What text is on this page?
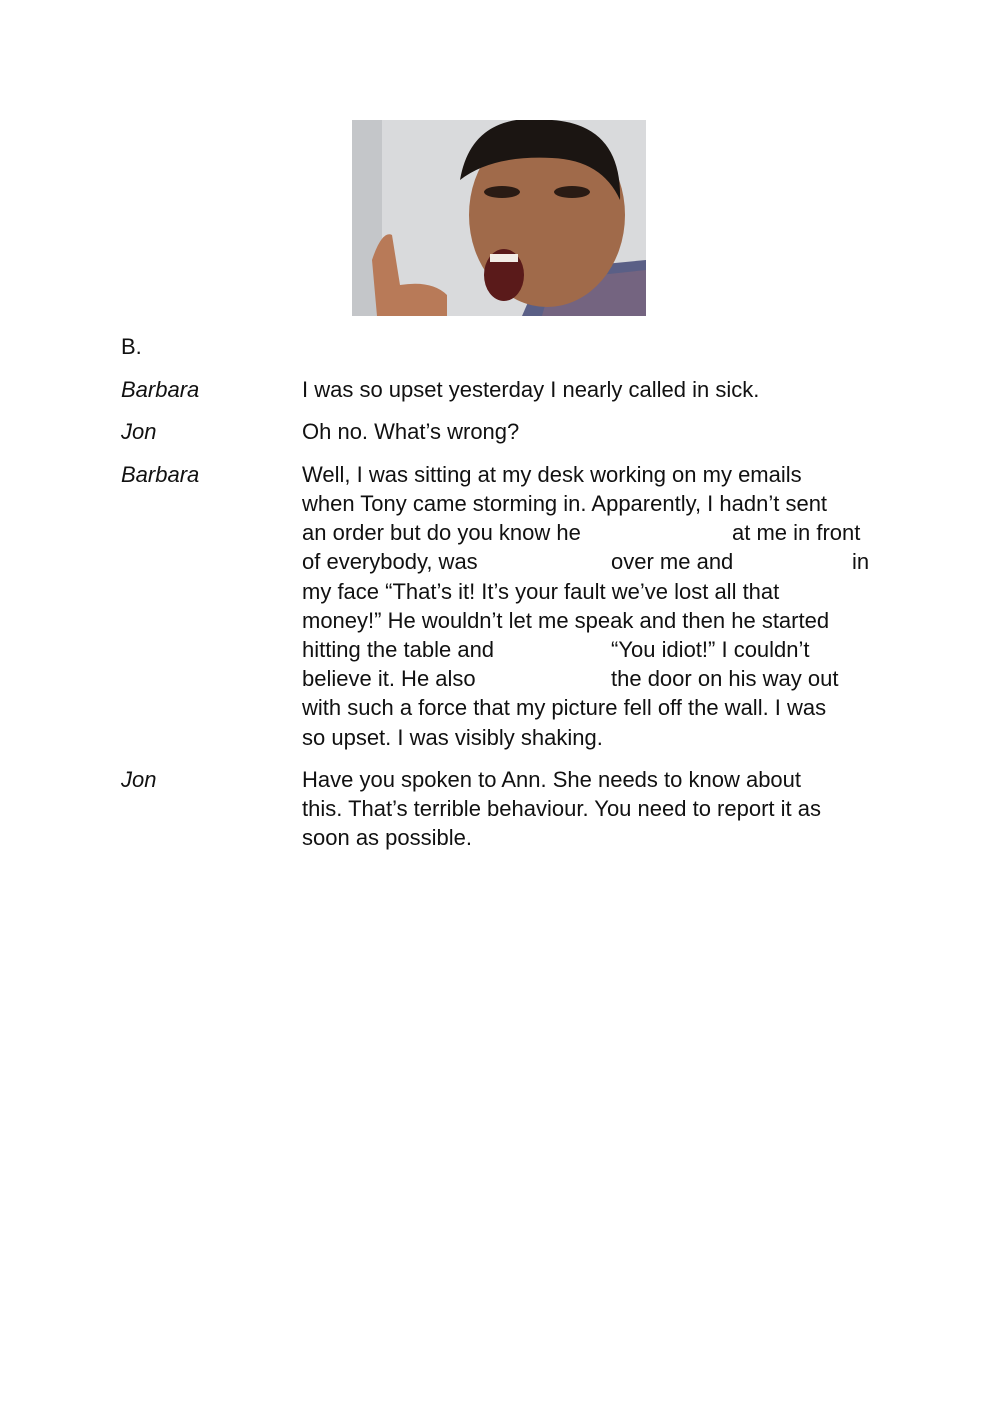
B.
Barbara	I was so upset yesterday I nearly called in sick.
Jon	Oh no. What’s wrong?
Barbara	Well, I was sitting at my desk working on my emails
when Tony came storming in. Apparently, I hadn’t sent
an order but do you know he	at me in front
of everybody, was	over me and	in
my face “That’s it! It’s your fault we’ve lost all that
money!” He wouldn’t let me speak and then he started
hitting the table and	“You idiot!” I couldn’t
believe it. He also	the door on his way out
with such a force that my picture fell off the wall. I was
so upset. I was visibly shaking.
Jon	Have you spoken to Ann. She needs to know about
this. That’s terrible behaviour. You need to report it as
soon as possible.
